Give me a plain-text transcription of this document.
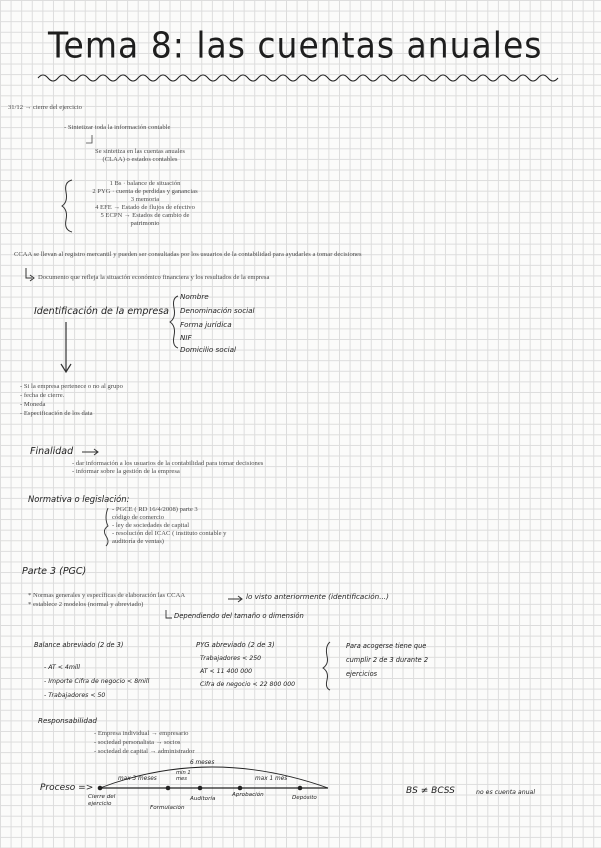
Tema 8: las cuentas anuales
31/12 → cierre del ejercicio
- Sintetizar toda la información contable
Se sintetiza en las cuentas anuales
(CLAA) o estados contables
1 Bs · balance de situación
2 PYG · cuenta de perdidas y ganancias
3 memoria
4 EFE → Estado de flujos de efectivo
5 ECPN → Estados de cambio de
patrimonio
CCAA se llevan al registro mercantil y pueden ser consultadas por los usuarios de la contabilidad para ayudarles a tomar decisiones
Documento que refleja la situación económico financiera y los resultados de la empresa
Identificación de la empresa
Nombre
Denominación social
Forma jurídica
NIF
Domicilio social
- Si la empresa pertenece o no al grupo
- fecha de cierre.
- Moneda
- Especificación de los data
Finalidad
- dar información a los usuarios de la contabilidad para tomar decisiones
- informar sobre la gestión de la empresa
Normativa o legislación:
- PGCE ( RD 16/4/2008) parte 3
código de comercio
- ley de sociedades de capital
- resolución del ICAC ( instituto contable y
auditoría de ventas)
Parte 3 (PGC)
* Normas generales y específicas de elaboración las CCAA	lo visto anteriormente (identificación...)
* establece 2 modelos (normal y abreviado)
Dependiendo del tamaño o dimensión
Balance abreviado (2 de 3)
- AT < 4mill
- Importe Cifra de negocio < 8mill
- Trabajadores < 50
PYG abreviado (2 de 3)
Trabajadores < 250
AT < 11 400 000
Cifra de negocio < 22 800 000
Para acogerse tiene que
cumplir 2 de 3 durante 2
ejercicios
Responsabilidad
- Empresa individual → empresario
- sociedad personalista → socios
- sociedad de capital → administrador
Proceso =>
6 meses
max 3 meses
min 1 mes	max 1 mes
Cierre del ejercicio
Formulación
Auditoría
Aprobación	Depósito
BS ≠ BCSS	no es cuenta anual
